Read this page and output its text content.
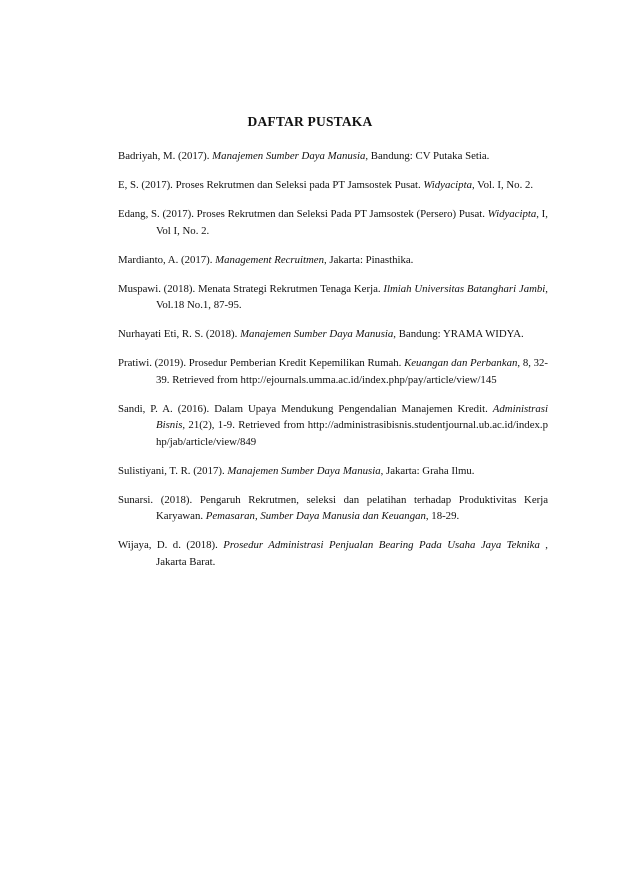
DAFTAR PUSTAKA

Badriyah, M. (2017). Manajemen Sumber Daya Manusia, Bandung: CV Putaka Setia.

E, S. (2017). Proses Rekrutmen dan Seleksi pada PT Jamsostek Pusat. Widyacipta, Vol. I, No. 2.

Edang, S. (2017). Proses Rekrutmen dan Seleksi Pada PT Jamsostek (Persero) Pusat. Widyacipta, I, Vol I, No. 2.

Mardianto, A. (2017). Management Recruitmen, Jakarta: Pinasthika.

Muspawi. (2018). Menata Strategi Rekrutmen Tenaga Kerja. Ilmiah Universitas Batanghari Jambi, Vol.18 No.1, 87-95.

Nurhayati Eti, R. S. (2018). Manajemen Sumber Daya Manusia, Bandung: YRAMA WIDYA.

Pratiwi. (2019). Prosedur Pemberian Kredit Kepemilikan Rumah. Keuangan dan Perbankan, 8, 32-39. Retrieved from http://ejournals.umma.ac.id/index.php/pay/article/view/145

Sandi, P. A. (2016). Dalam Upaya Mendukung Pengendalian Manajemen Kredit. Administrasi Bisnis, 21(2), 1-9. Retrieved from http://administrasibisnis.studentjournal.ub.ac.id/index.php/jab/article/view/849

Sulistiyani, T. R. (2017). Manajemen Sumber Daya Manusia, Jakarta: Graha Ilmu.

Sunarsi. (2018). Pengaruh Rekrutmen, seleksi dan pelatihan terhadap Produktivitas Kerja Karyawan. Pemasaran, Sumber Daya Manusia dan Keuangan, 18-29.

Wijaya, D. d. (2018). Prosedur Administrasi Penjualan Bearing Pada Usaha Jaya Teknika , Jakarta Barat.
